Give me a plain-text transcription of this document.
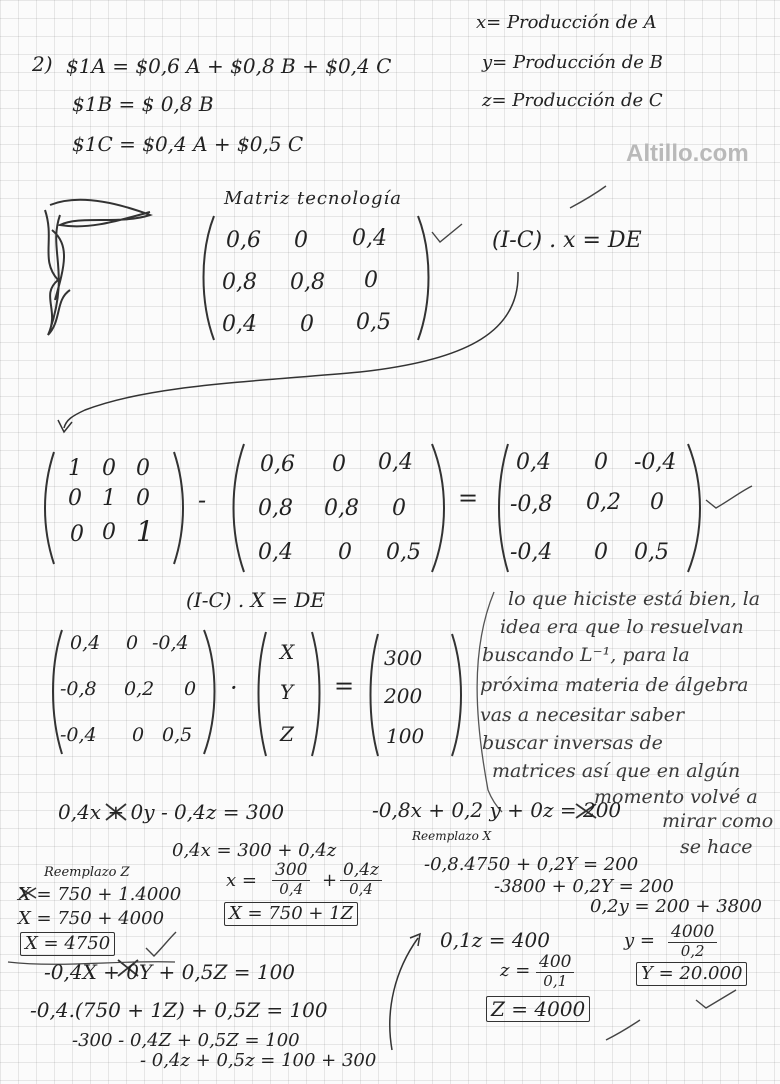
Altillo.com
x= Producción de A
y= Producción de B
z= Producción de C
2) $1A = $0,6 A + $0,8 B + $0,4 C
$1B = $ 0,8 B
$1C = $0,4 A + $0,5 C
Matriz tecnología
0,6 0 0,4
0,8 0,8 0
0,4 0 0,5
(I-C) . x = DE
1 0 0
0 1 0
0 0 1
-
0,6 0 0,4
0,8 0,8 0
0,4 0 0,5
=
0,4 0 -0,4
-0,8 0,2 0
-0,4 0 0,5
(I-C) . X = DE
0,4 0 -0,4
-0,8 0,2 0
-0,4 0 0,5
·
X
Y
Z
=
300
200
100
lo que hiciste está bien, la
idea era que lo resuelvan
buscando L⁻¹, para la
próxima materia de álgebra
vas a necesitar saber
buscar inversas de
matrices así que en algún
momento volvé a
mirar como
se hace
0,4x + 0y - 0,4z = 300	-0,8x + 0,2 y + 0z = 200
Reemplazo X
0,4x = 300 + 0,4z
$x = \frac{300}{0,4} + \frac{0,4z}{0,4}$
X = 750 + 1Z
Reemplazo Z
X = 750 + 1.4000
X = 750 + 4000
X = 4750
-0,8.4750 + 0,2Y = 200
-3800 + 0,2Y = 200
0,2y = 200 + 3800
$y = \frac{4000}{0,2}$
Y = 20.000
-0,4X + 0Y + 0,5Z = 100
-0,4.(750 + 1Z) + 0,5Z = 100
-300 - 0,4Z + 0,5Z = 100
- 0,4z + 0,5z = 100 + 300
0,1z = 400
$z = \frac{400}{0,1}$
Z = 4000
